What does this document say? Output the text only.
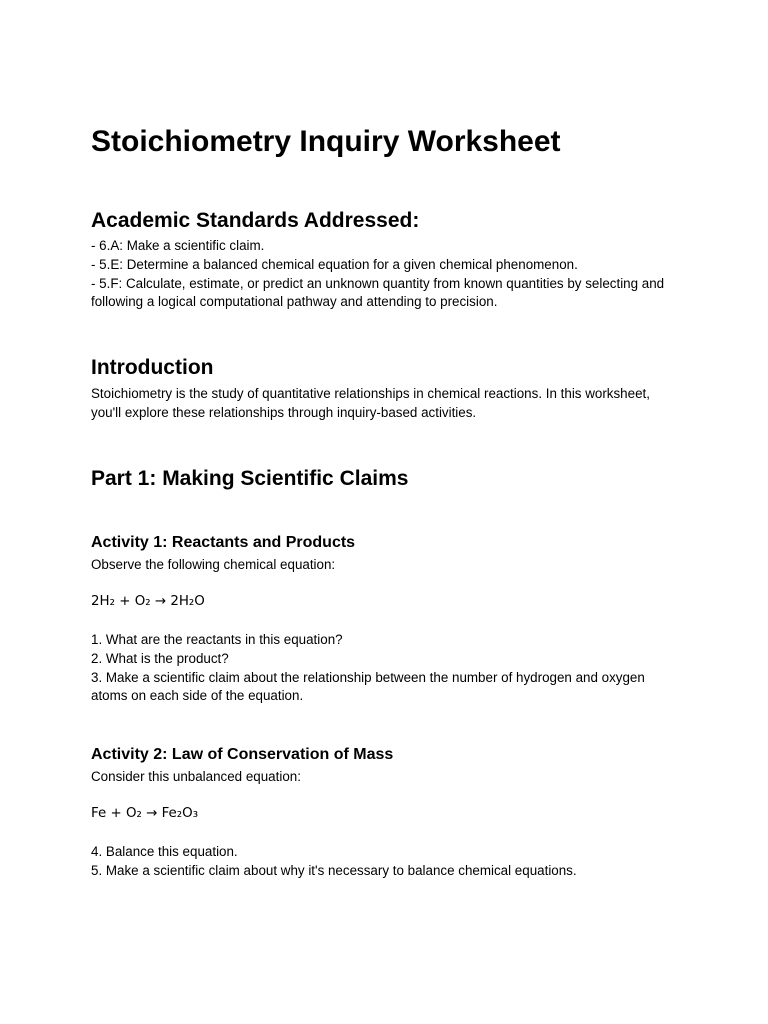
Stoichiometry Inquiry Worksheet
Academic Standards Addressed:
- 6.A: Make a scientific claim.
- 5.E: Determine a balanced chemical equation for a given chemical phenomenon.

- 5.F: Calculate, estimate, or predict an unknown quantity from known quantities by selecting and following a logical computational pathway and attending to precision.

Introduction

Stoichiometry is the study of quantitative relationships in chemical reactions. In this worksheet, you'll explore these relationships through inquiry-based activities.

Part 1: Making Scientific Claims
Activity 1: Reactants and Products
Observe the following chemical equation:

2H₂ + O₂ → 2H₂O

1. What are the reactants in this equation?
2. What is the product?

3. Make a scientific claim about the relationship between the number of hydrogen and oxygen atoms on each side of the equation.

Activity 2: Law of Conservation of Mass
Consider this unbalanced equation:

Fe + O₂ → Fe₂O₃

4. Balance this equation.
5. Make a scientific claim about why it's necessary to balance chemical equations.
